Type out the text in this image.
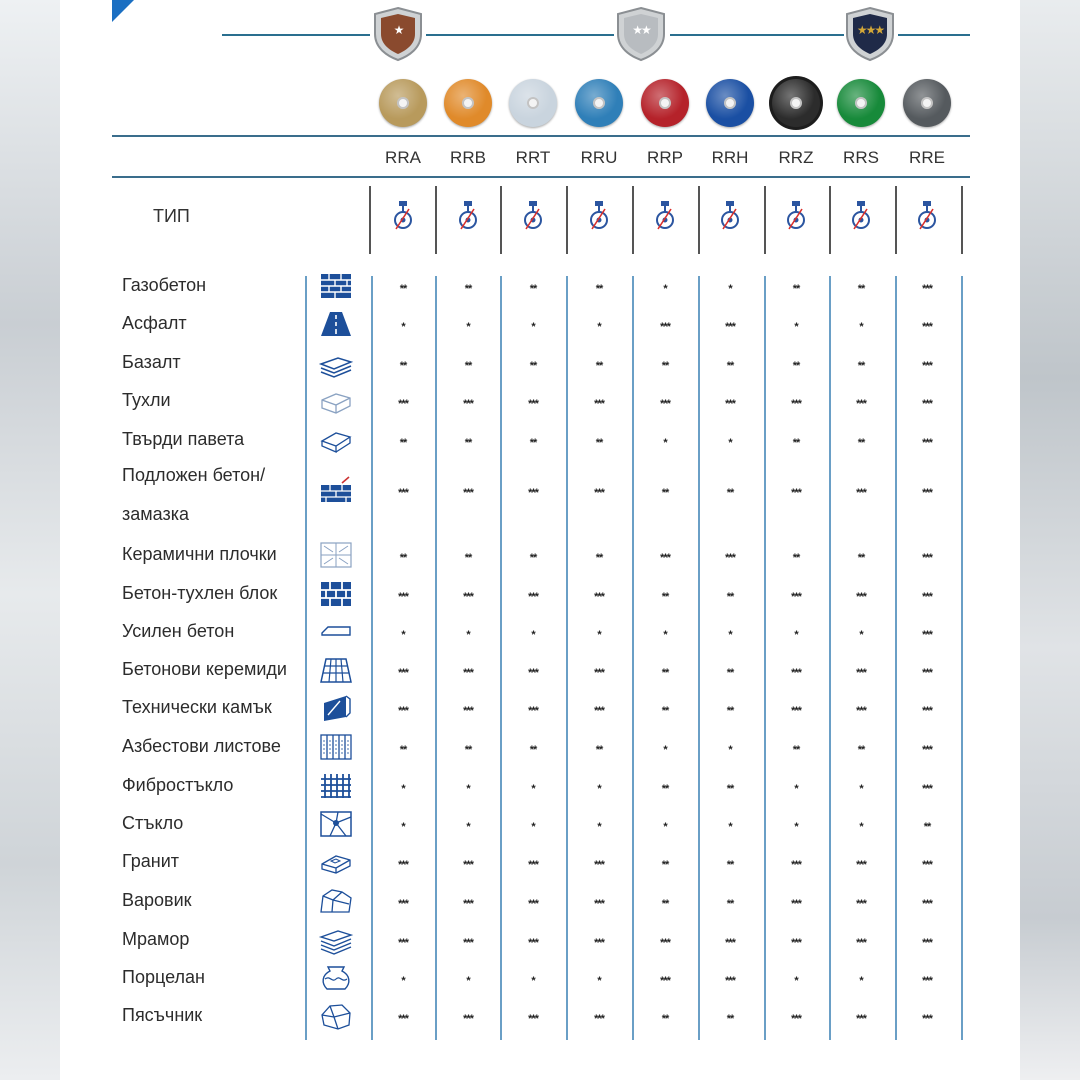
★	★★	★★★
RRA	RRB	RRT	RRU	RRP	RRH	RRZ	RRS	RRE
ТИП
Газобетон	**	**	**	**	*	*	**	**	***
Асфалт	*	*	*	*	***	***	*	*	***
Базалт	**	**	**	**	**	**	**	**	***
Тухли	***	***	***	***	***	***	***	***	***
Твърди павета	**	**	**	**	*	*	**	**	***
Подложен бетон/
замазка
***	***	***	***	**	**	***	***	***
Керамични плочки	**	**	**	**	***	***	**	**	***
Бетон-тухлен блок	***	***	***	***	**	**	***	***	***
Усилен бетон	*	*	*	*	*	*	*	*	***
Бетонови керемиди	***	***	***	***	**	**	***	***	***
Технически камък	***	***	***	***	**	**	***	***	***
Азбестови листове	**	**	**	**	*	*	**	**	***
Фибростъкло	*	*	*	*	**	**	*	*	***
Стъкло	*	*	*	*	*	*	*	*	**
Гранит	***	***	***	***	**	**	***	***	***
Варовик	***	***	***	***	**	**	***	***	***
Мрамор	***	***	***	***	***	***	***	***	***
Порцелан	*	*	*	*	***	***	*	*	***
Пясъчник	***	***	***	***	**	**	***	***	***
